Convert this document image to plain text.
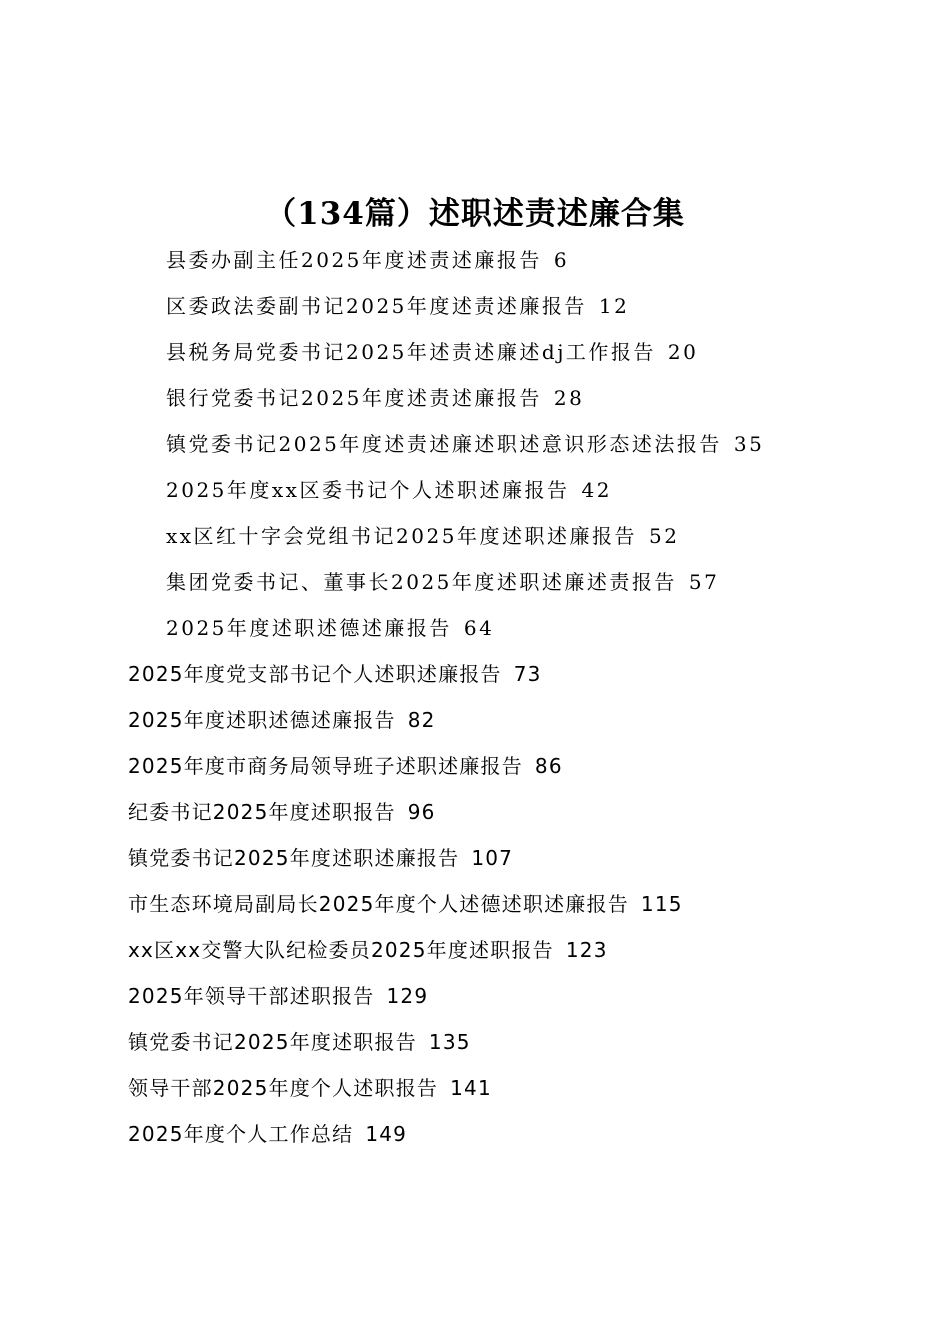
（134篇）述职述责述廉合集
县委办副主任2025年度述责述廉报告 6
区委政法委副书记2025年度述责述廉报告 12
县税务局党委书记2025年述责述廉述dj工作报告 20
银行党委书记2025年度述责述廉报告 28
镇党委书记2025年度述责述廉述职述意识形态述法报告 35
2025年度xx区委书记个人述职述廉报告 42
xx区红十字会党组书记2025年度述职述廉报告 52
集团党委书记、董事长2025年度述职述廉述责报告 57
2025年度述职述德述廉报告 64
2025年度党支部书记个人述职述廉报告 73
2025年度述职述德述廉报告 82
2025年度市商务局领导班子述职述廉报告 86
纪委书记2025年度述职报告 96
镇党委书记2025年度述职述廉报告 107
市生态环境局副局长2025年度个人述德述职述廉报告 115
xx区xx交警大队纪检委员2025年度述职报告 123
2025年领导干部述职报告 129
镇党委书记2025年度述职报告 135
领导干部2025年度个人述职报告 141
2025年度个人工作总结 149
